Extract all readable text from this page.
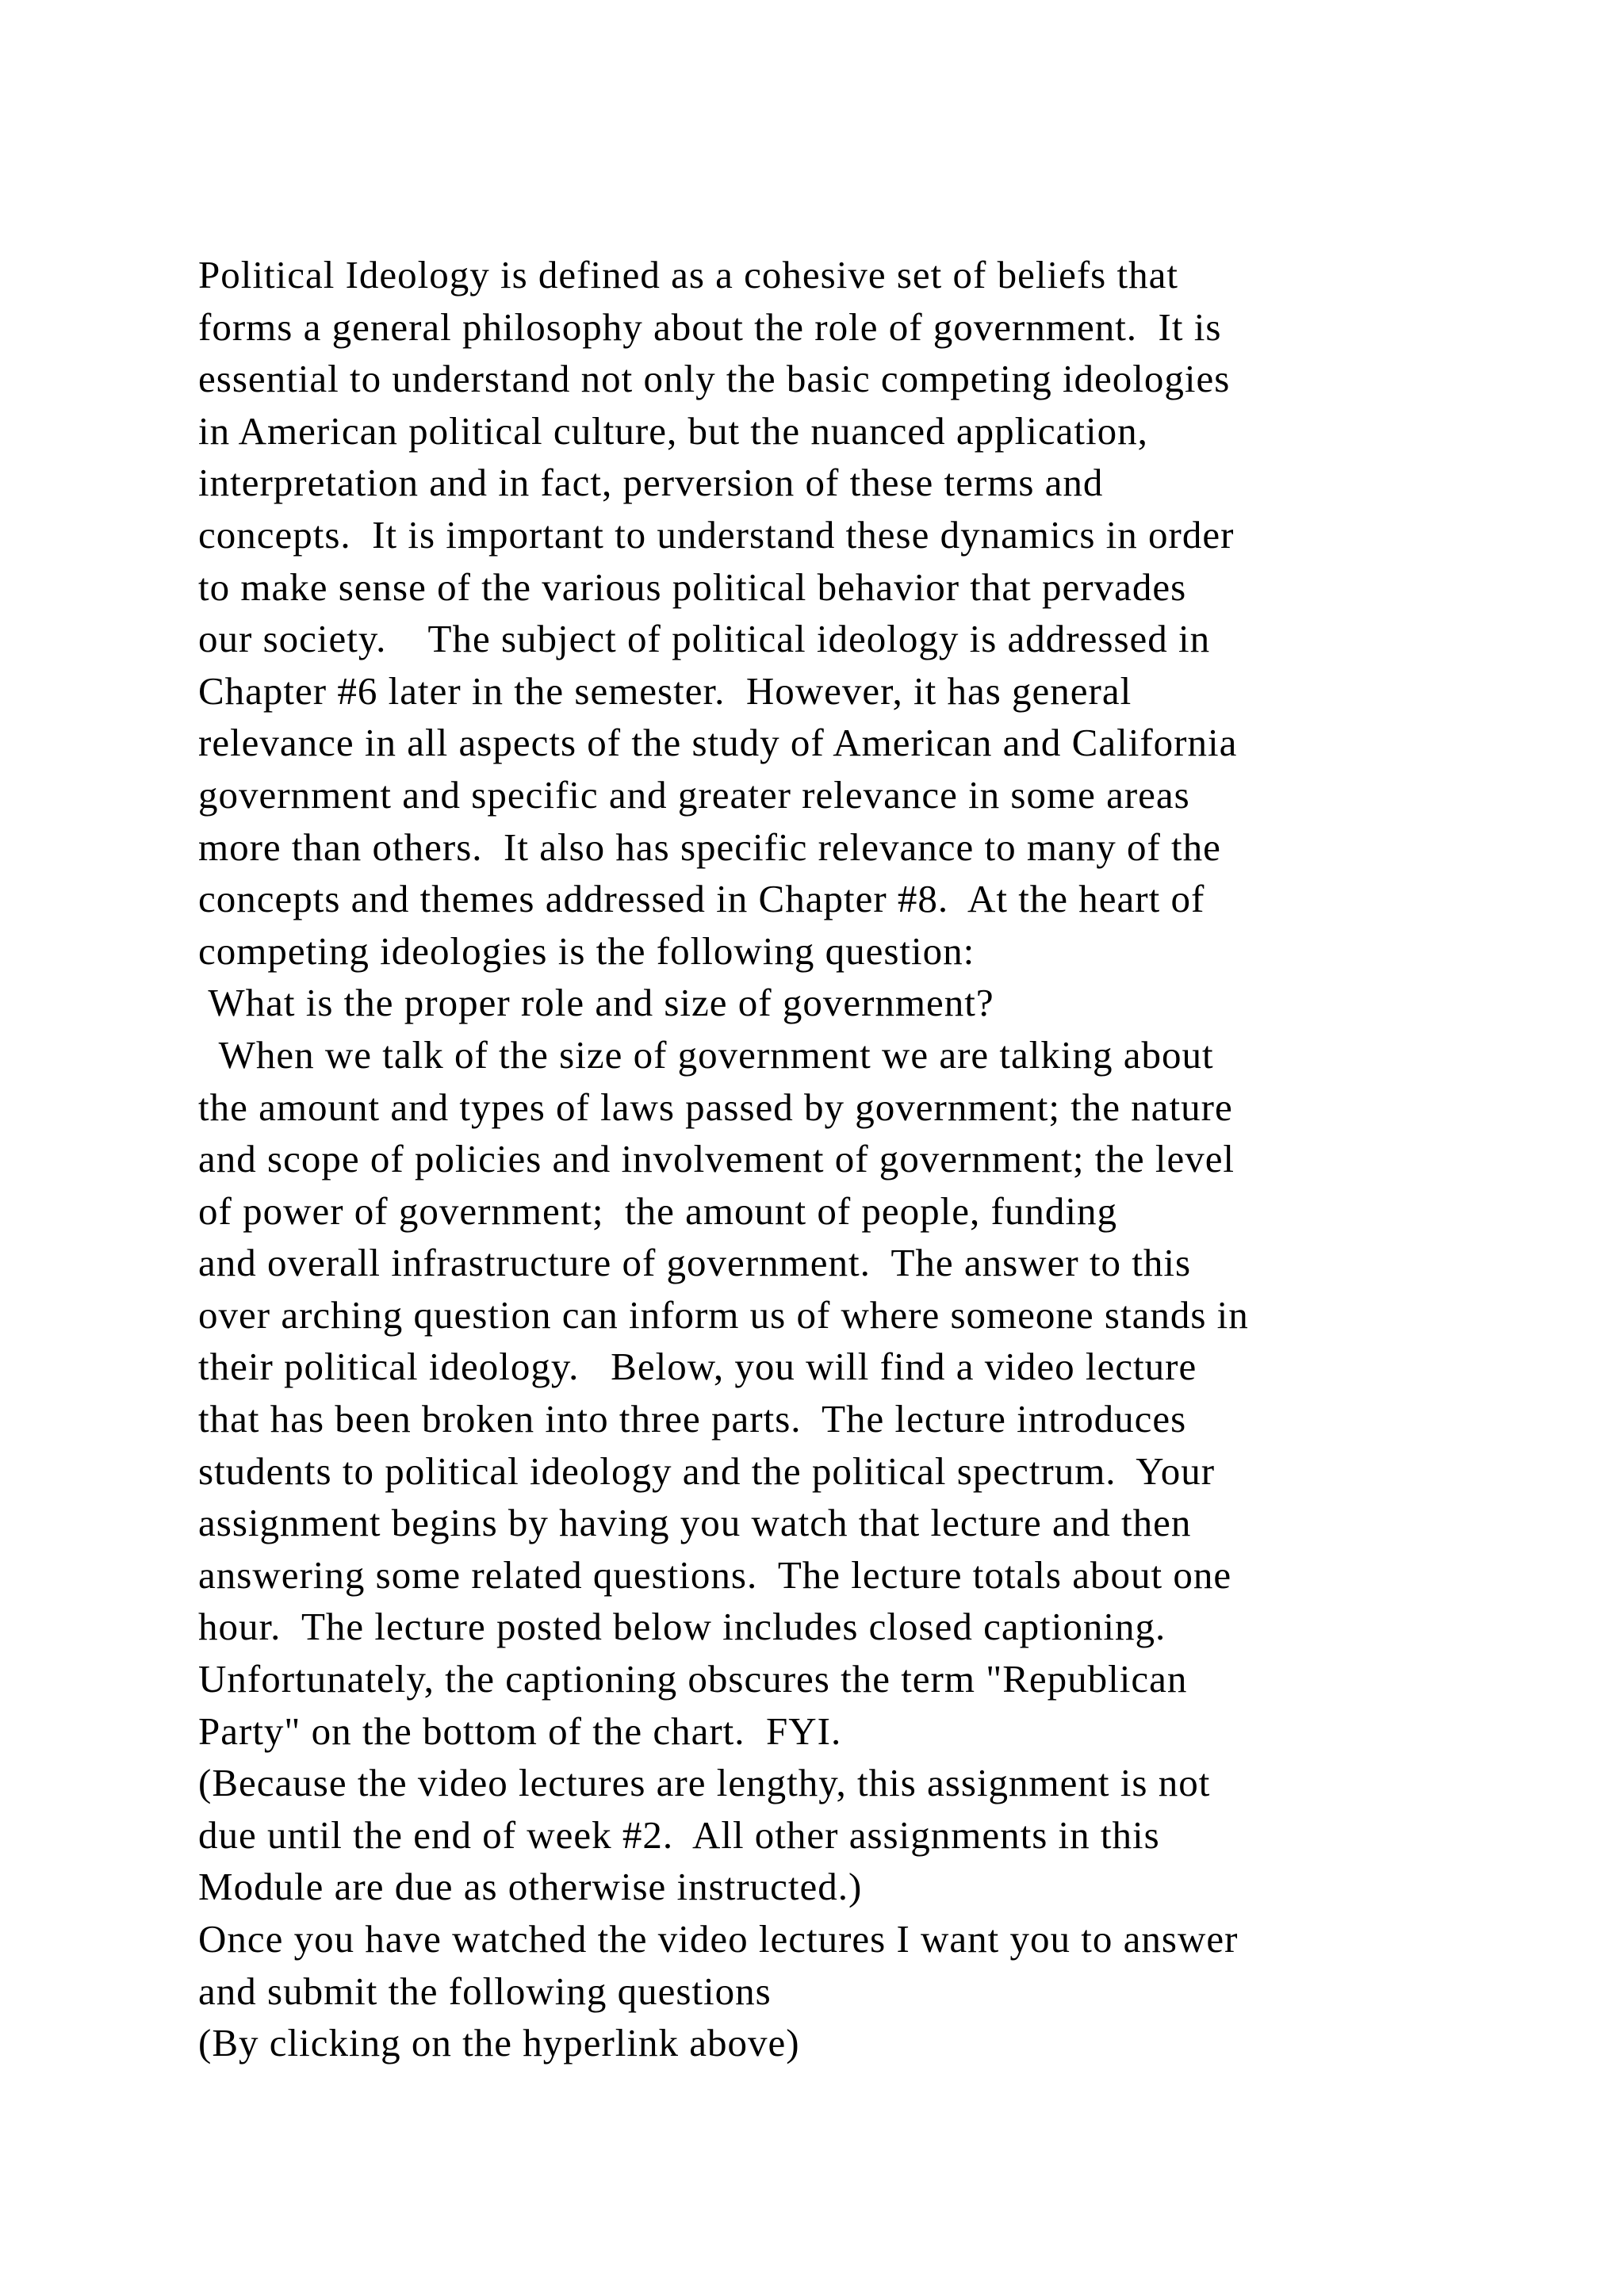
Political Ideology is defined as a cohesive set of beliefs that
forms a general philosophy about the role of government.  It is
essential to understand not only the basic competing ideologies
in American political culture, but the nuanced application,
interpretation and in fact, perversion of these terms and
concepts.  It is important to understand these dynamics in order
to make sense of the various political behavior that pervades
our society.    The subject of political ideology is addressed in
Chapter #6 later in the semester.  However, it has general
relevance in all aspects of the study of American and California
government and specific and greater relevance in some areas
more than others.  It also has specific relevance to many of the
concepts and themes addressed in Chapter #8.  At the heart of
competing ideologies is the following question:
What is the proper role and size of government?
When we talk of the size of government we are talking about
the amount and types of laws passed by government; the nature
and scope of policies and involvement of government; the level
of power of government;  the amount of people, funding
and overall infrastructure of government.  The answer to this
over arching question can inform us of where someone stands in
their political ideology.   Below, you will find a video lecture
that has been broken into three parts.  The lecture introduces
students to political ideology and the political spectrum.  Your
assignment begins by having you watch that lecture and then
answering some related questions.  The lecture totals about one
hour.  The lecture posted below includes closed captioning.
Unfortunately, the captioning obscures the term "Republican
Party" on the bottom of the chart.  FYI.
(Because the video lectures are lengthy, this assignment is not
due until the end of week #2.  All other assignments in this
Module are due as otherwise instructed.)
Once you have watched the video lectures I want you to answer
and submit the following questions
(By clicking on the hyperlink above)
